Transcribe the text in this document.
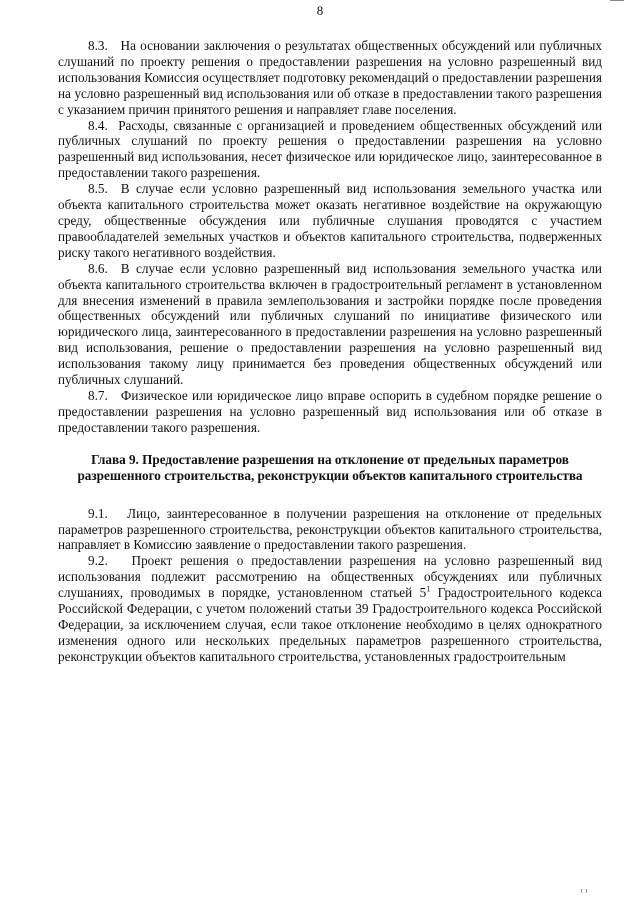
8

8.3.   На основании заключения о результатах общественных обсуждений или публичных слушаний по проекту решения о предоставлении разрешения на условно разрешенный вид использования Комиссия осуществляет подготовку рекомендаций о предоставлении разрешения на условно разрешенный вид использования или об отказе в предоставлении такого разрешения с указанием причин принятого решения и направляет главе поселения.

8.4.  Расходы, связанные с организацией и проведением общественных обсуждений или публичных слушаний по проекту решения о предоставлении разрешения на условно разрешенный вид использования, несет физическое или юридическое лицо, заинтересованное в предоставлении такого разрешения.

8.5.  В случае если условно разрешенный вид использования земельного участка или объекта капитального строительства может оказать негативное воздействие на окружающую среду, общественные обсуждения или публичные слушания проводятся с участием правообладателей земельных участков и объектов капитального строительства, подверженных риску такого негативного воздействия.

8.6.  В случае если условно разрешенный вид использования земельного участка или объекта капитального строительства включен в градостроительный регламент в установленном для внесения изменений в правила землепользования и застройки порядке после проведения общественных обсуждений или публичных слушаний по инициативе физического или юридического лица, заинтересованного в предоставлении разрешения на условно разрешенный вид использования, решение о предоставлении разрешения на условно разрешенный вид использования такому лицу принимается без проведения общественных обсуждений или публичных слушаний.

8.7.   Физическое или юридическое лицо вправе оспорить в судебном порядке решение о предоставлении разрешения на условно разрешенный вид использования или об отказе в предоставлении такого разрешения.

Глава 9. Предоставление разрешения на отклонение от предельных параметров разрешенного строительства, реконструкции объектов капитального строительства

9.1.   Лицо, заинтересованное в получении разрешения на отклонение от предельных параметров разрешенного строительства, реконструкции объектов капитального строительства, направляет в Комиссию заявление о предоставлении такого разрешения.

9.2.   Проект решения о предоставлении разрешения на условно разрешенный вид использования подлежит рассмотрению на общественных обсуждениях или публичных слушаниях, проводимых в порядке, установленном статьей $5^1$ Градостроительного кодекса Российской Федерации, с учетом положений статьи 39 Градостроительного кодекса Российской Федерации, за исключением случая, если такое отклонение необходимо в целях однократного изменения одного или нескольких предельных параметров разрешенного строительства, реконструкции объектов капитального строительства, установленных градостроительным

¹ ¹
